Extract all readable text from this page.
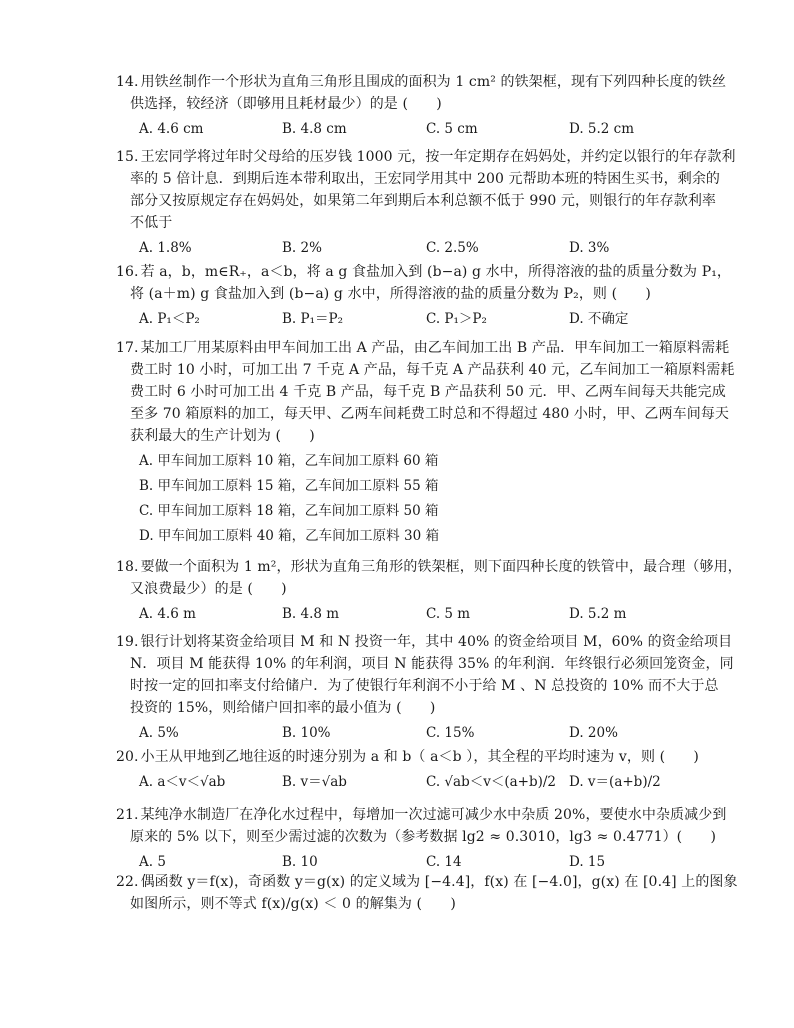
14. 用铁丝制作一个形状为直角三角形且围成的面积为 1 cm² 的铁架框，现有下列四种长度的铁丝
供选择，较经济（即够用且耗材最少）的是 (　　)
A. 4.6 cm	B. 4.8 cm	C. 5 cm	D. 5.2 cm
15. 王宏同学将过年时父母给的压岁钱 1000 元，按一年定期存在妈妈处，并约定以银行的年存款利
率的 5 倍计息．到期后连本带利取出，王宏同学用其中 200 元帮助本班的特困生买书，剩余的
部分又按原规定存在妈妈处，如果第二年到期后本利总额不低于 990 元，则银行的年存款利率
不低于
A. 1.8%	B. 2%	C. 2.5%	D. 3%
16. 若 a，b，m∈R₊，a＜b，将 a g 食盐加入到 (b−a) g 水中，所得溶液的盐的质量分数为 P₁，
将 (a＋m) g 食盐加入到 (b−a) g 水中，所得溶液的盐的质量分数为 P₂，则 (　　)
A. P₁＜P₂	B. P₁＝P₂	C. P₁＞P₂	D. 不确定
17. 某加工厂用某原料由甲车间加工出 A 产品，由乙车间加工出 B 产品．甲车间加工一箱原料需耗
费工时 10 小时，可加工出 7 千克 A 产品，每千克 A 产品获利 40 元，乙车间加工一箱原料需耗
费工时 6 小时可加工出 4 千克 B 产品，每千克 B 产品获利 50 元．甲、乙两车间每天共能完成
至多 70 箱原料的加工，每天甲、乙两车间耗费工时总和不得超过 480 小时，甲、乙两车间每天
获利最大的生产计划为 (　　)
A. 甲车间加工原料 10 箱，乙车间加工原料 60 箱
B. 甲车间加工原料 15 箱，乙车间加工原料 55 箱
C. 甲车间加工原料 18 箱，乙车间加工原料 50 箱
D. 甲车间加工原料 40 箱，乙车间加工原料 30 箱
18. 要做一个面积为 1 m²，形状为直角三角形的铁架框，则下面四种长度的铁管中，最合理（够用，
又浪费最少）的是 (　　)
A. 4.6 m	B. 4.8 m	C. 5 m	D. 5.2 m
19. 银行计划将某资金给项目 M 和 N 投资一年，其中 40% 的资金给项目 M，60% 的资金给项目
N．项目 M 能获得 10% 的年利润，项目 N 能获得 35% 的年利润．年终银行必须回笼资金，同
时按一定的回扣率支付给储户．为了使银行年利润不小于给 M 、N 总投资的 10% 而不大于总
投资的 15%，则给储户回扣率的最小值为 (　　)
A. 5%	B. 10%	C. 15%	D. 20%
20. 小王从甲地到乙地往返的时速分别为 a 和 b（ a＜b ），其全程的平均时速为 v，则 (　　)
A. a＜v＜√ab	B. v＝√ab	C. √ab＜v＜(a+b)/2 D. v＝(a+b)/2
21. 某纯净水制造厂在净化水过程中，每增加一次过滤可减少水中杂质 20%，要使水中杂质减少到
原来的 5% 以下，则至少需过滤的次数为（参考数据 lg2 ≈ 0.3010，lg3 ≈ 0.4771）(　　)
A. 5	B. 10	C. 14	D. 15
22. 偶函数 y＝f(x)，奇函数 y＝g(x) 的定义域为 [−4.4]，f(x) 在 [−4.0]，g(x) 在 [0.4] 上的图象
如图所示，则不等式 f(x)/g(x) ＜ 0 的解集为 (　　)
